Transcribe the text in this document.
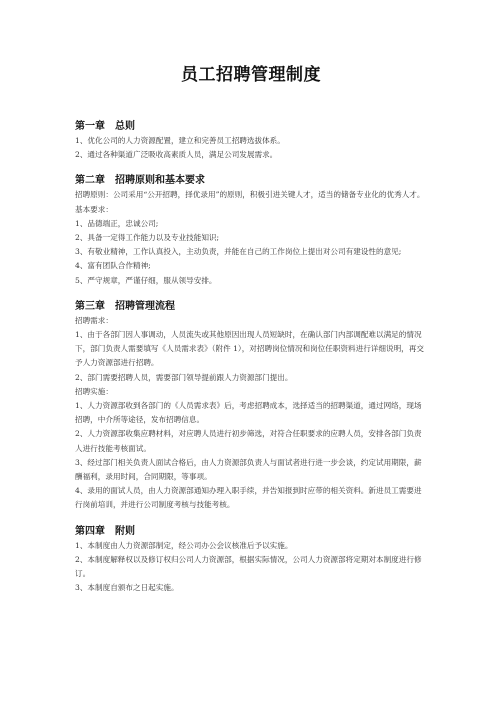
员工招聘管理制度
第一章　总则

1、优化公司的人力资源配置，建立和完善员工招聘选拔体系。

2、通过各种渠道广泛吸收高素质人员，满足公司发展需求。

第二章　招聘原则和基本要求

招聘原则：公司采用“公开招聘，择优录用”的原则，积极引进关键人才，适当的储备专业化的优秀人才。

基本要求：

1、品德端正，忠诚公司;

2、具备一定得工作能力以及专业技能知识;

3、有敬业精神，工作认真投入，主动负责，并能在自己的工作岗位上提出对公司有建设性的意见;

4、富有团队合作精神;

5、严守规章，严谨仔细，服从领导安排。

第三章　招聘管理流程

招聘需求：

1、由于各部门因人事调动，人员流失或其他原因出现人员短缺时，在确认部门内部调配难以满足的情况下，部门负责人需要填写《人员需求表》（附件 1），对招聘岗位情况和岗位任职资料进行详细说明，再交予人力资源部进行招聘。

2、部门需要招聘人员，需要部门领导提前跟人力资源部门提出。

招聘实施：

1、人力资源部收到各部门的《人员需求表》后，考虑招聘成本，选择适当的招聘渠道，通过网络，现场招聘，中介所等途径，发布招聘信息。

2、人力资源部收集应聘材料，对应聘人员进行初步筛选，对符合任职要求的应聘人员，安排各部门负责人进行技能考核面试。

3、经过部门相关负责人面试合格后，由人力资源部负责人与面试者进行进一步会谈，约定试用期限，薪酬福利，录用时间，合同期限，等事项。

4、录用的面试人员，由人力资源部通知办理入职手续，并告知报到时应带的相关资料。新进员工需要进行岗前培训，并进行公司制度考核与技能考核。

第四章　附则

1、本制度由人力资源部制定，经公司办公会议核准后予以实施。

2、本制度解释权以及修订权归公司人力资源部，根据实际情况，公司人力资源部将定期对本制度进行修订。

3、本制度自颁布之日起实施。
